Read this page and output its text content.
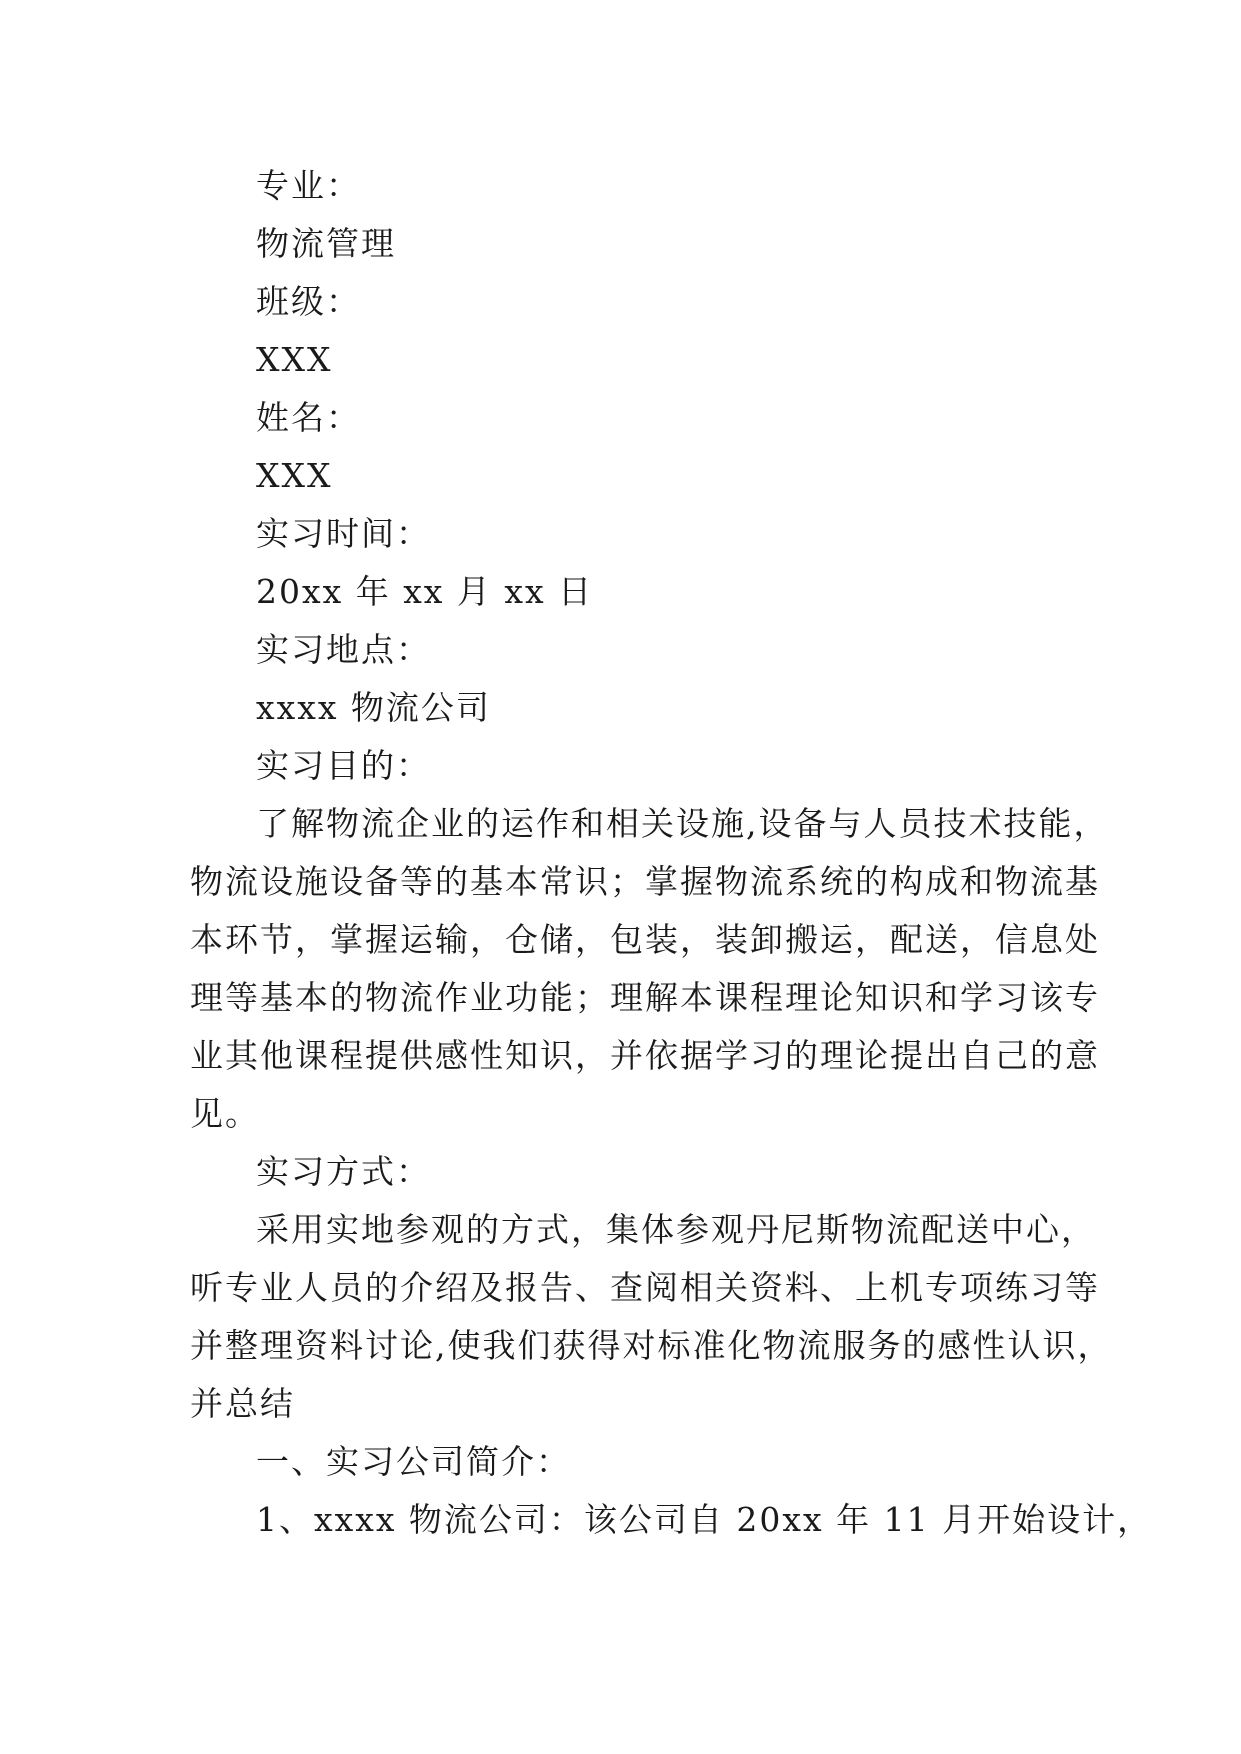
专业：
物流管理
班级：
XXX
姓名：
XXX
实习时间：
20xx 年 xx 月 xx 日
实习地点：
xxxx 物流公司
实习目的：
了解物流企业的运作和相关设施,设备与人员技术技能，
物流设施设备等的基本常识；掌握物流系统的构成和物流基
本环节，掌握运输，仓储，包装，装卸搬运，配送，信息处
理等基本的物流作业功能；理解本课程理论知识和学习该专
业其他课程提供感性知识，并依据学习的理论提出自己的意
见。
实习方式：
采用实地参观的方式，集体参观丹尼斯物流配送中心，
听专业人员的介绍及报告、查阅相关资料、上机专项练习等
并整理资料讨论,使我们获得对标准化物流服务的感性认识，
并总结
一、实习公司简介：
1、xxxx 物流公司：该公司自 20xx 年 11 月开始设计，
